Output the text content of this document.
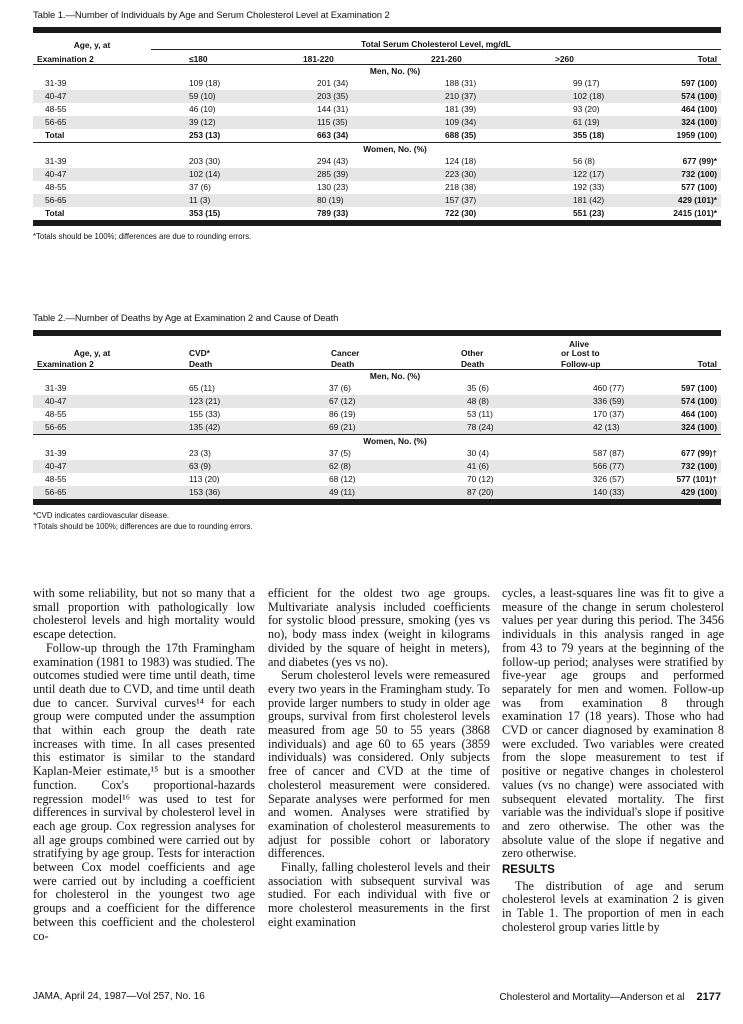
Table 1.—Number of Individuals by Age and Serum Cholesterol Level at Examination 2
Age, y, at	Total Serum Cholesterol Level, mg/dL				
Examination 2	≤180	181-220	221-260	>260	Total
Men, No. (%)					
31-39	109 (18)	201 (34)	188 (31)	99 (17)	597 (100)
40-47	59 (10)	203 (35)	210 (37)	102 (18)	574 (100)
48-55	46 (10)	144 (31)	181 (39)	93 (20)	464 (100)
56-65	39 (12)	115 (35)	109 (34)	61 (19)	324 (100)
Total	253 (13)	663 (34)	688 (35)	355 (18)	1959 (100)
Women, No. (%)					
31-39	203 (30)	294 (43)	124 (18)	56 (8)	677 (99)*
40-47	102 (14)	285 (39)	223 (30)	122 (17)	732 (100)
48-55	37 (6)	130 (23)	218 (38)	192 (33)	577 (100)
56-65	11 (3)	80 (19)	157 (37)	181 (42)	429 (101)*
Total	353 (15)	789 (33)	722 (30)	551 (23)	2415 (101)*
*Totals should be 100%; differences are due to rounding errors.
Table 2.—Number of Deaths by Age at Examination 2 and Cause of Death
				Alive	
Age, y, at	CVD*	Cancer	Other	or Lost to	
Examination 2	Death	Death	Death	Follow-up	Total
Men, No. (%)					
31-39	65 (11)	37 (6)	35 (6)	460 (77)	597 (100)
40-47	123 (21)	67 (12)	48 (8)	336 (59)	574 (100)
48-55	155 (33)	86 (19)	53 (11)	170 (37)	464 (100)
56-65	135 (42)	69 (21)	78 (24)	42 (13)	324 (100)
Women, No. (%)					
31-39	23 (3)	37 (5)	30 (4)	587 (87)	677 (99)†
40-47	63 (9)	62 (8)	41 (6)	566 (77)	732 (100)
48-55	113 (20)	68 (12)	70 (12)	326 (57)	577 (101)†
56-65	153 (36)	49 (11)	87 (20)	140 (33)	429 (100)
*CVD indicates cardiovascular disease.
†Totals should be 100%; differences are due to rounding errors.

with some reliability, but not so many that a small proportion with pathologically low cholesterol levels and high mortality would escape detection.

Follow-up through the 17th Framingham examination (1981 to 1983) was studied. The outcomes studied were time until death, time until death due to CVD, and time until death due to cancer. Survival curves¹⁴ for each group were computed under the assumption that within each group the death rate increases with time. In all cases presented this estimator is similar to the standard Kaplan-Meier estimate,¹⁵ but is a smoother function. Cox's proportional-hazards regression model¹⁶ was used to test for differences in survival by cholesterol level in each age group. Cox regression analyses for all age groups combined were carried out by stratifying by age group. Tests for interaction between Cox model coefficients and age were carried out by including a coefficient for cholesterol in the youngest two age groups and a coefficient for the difference between this coefficient and the cholesterol co-

efficient for the oldest two age groups. Multivariate analysis included coefficients for systolic blood pressure, smoking (yes vs no), body mass index (weight in kilograms divided by the square of height in meters), and diabetes (yes vs no).

Serum cholesterol levels were remeasured every two years in the Framingham study. To provide larger numbers to study in older age groups, survival from first cholesterol levels measured from age 50 to 55 years (3868 individuals) and age 60 to 65 years (3859 individuals) was considered. Only subjects free of cancer and CVD at the time of cholesterol measurement were considered. Separate analyses were performed for men and women. Analyses were stratified by examination of cholesterol measurements to adjust for possible cohort or laboratory differences.

Finally, falling cholesterol levels and their association with subsequent survival was studied. For each individual with five or more cholesterol measurements in the first eight examination

cycles, a least-squares line was fit to give a measure of the change in serum cholesterol values per year during this period. The 3456 individuals in this analysis ranged in age from 43 to 79 years at the beginning of the follow-up period; analyses were stratified by five-year age groups and performed separately for men and women. Follow-up was from examination 8 through examination 17 (18 years). Those who had CVD or cancer diagnosed by examination 8 were excluded. Two variables were created from the slope measurement to test if positive or negative changes in cholesterol values (vs no change) were associated with subsequent elevated mortality. The first variable was the individual's slope if positive and zero otherwise. The other was the absolute value of the slope if negative and zero otherwise.

RESULTS

The distribution of age and serum cholesterol levels at examination 2 is given in Table 1. The proportion of men in each cholesterol group varies little by

JAMA, April 24, 1987—Vol 257, No. 16	Cholesterol and Mortality—Anderson et al 2177
